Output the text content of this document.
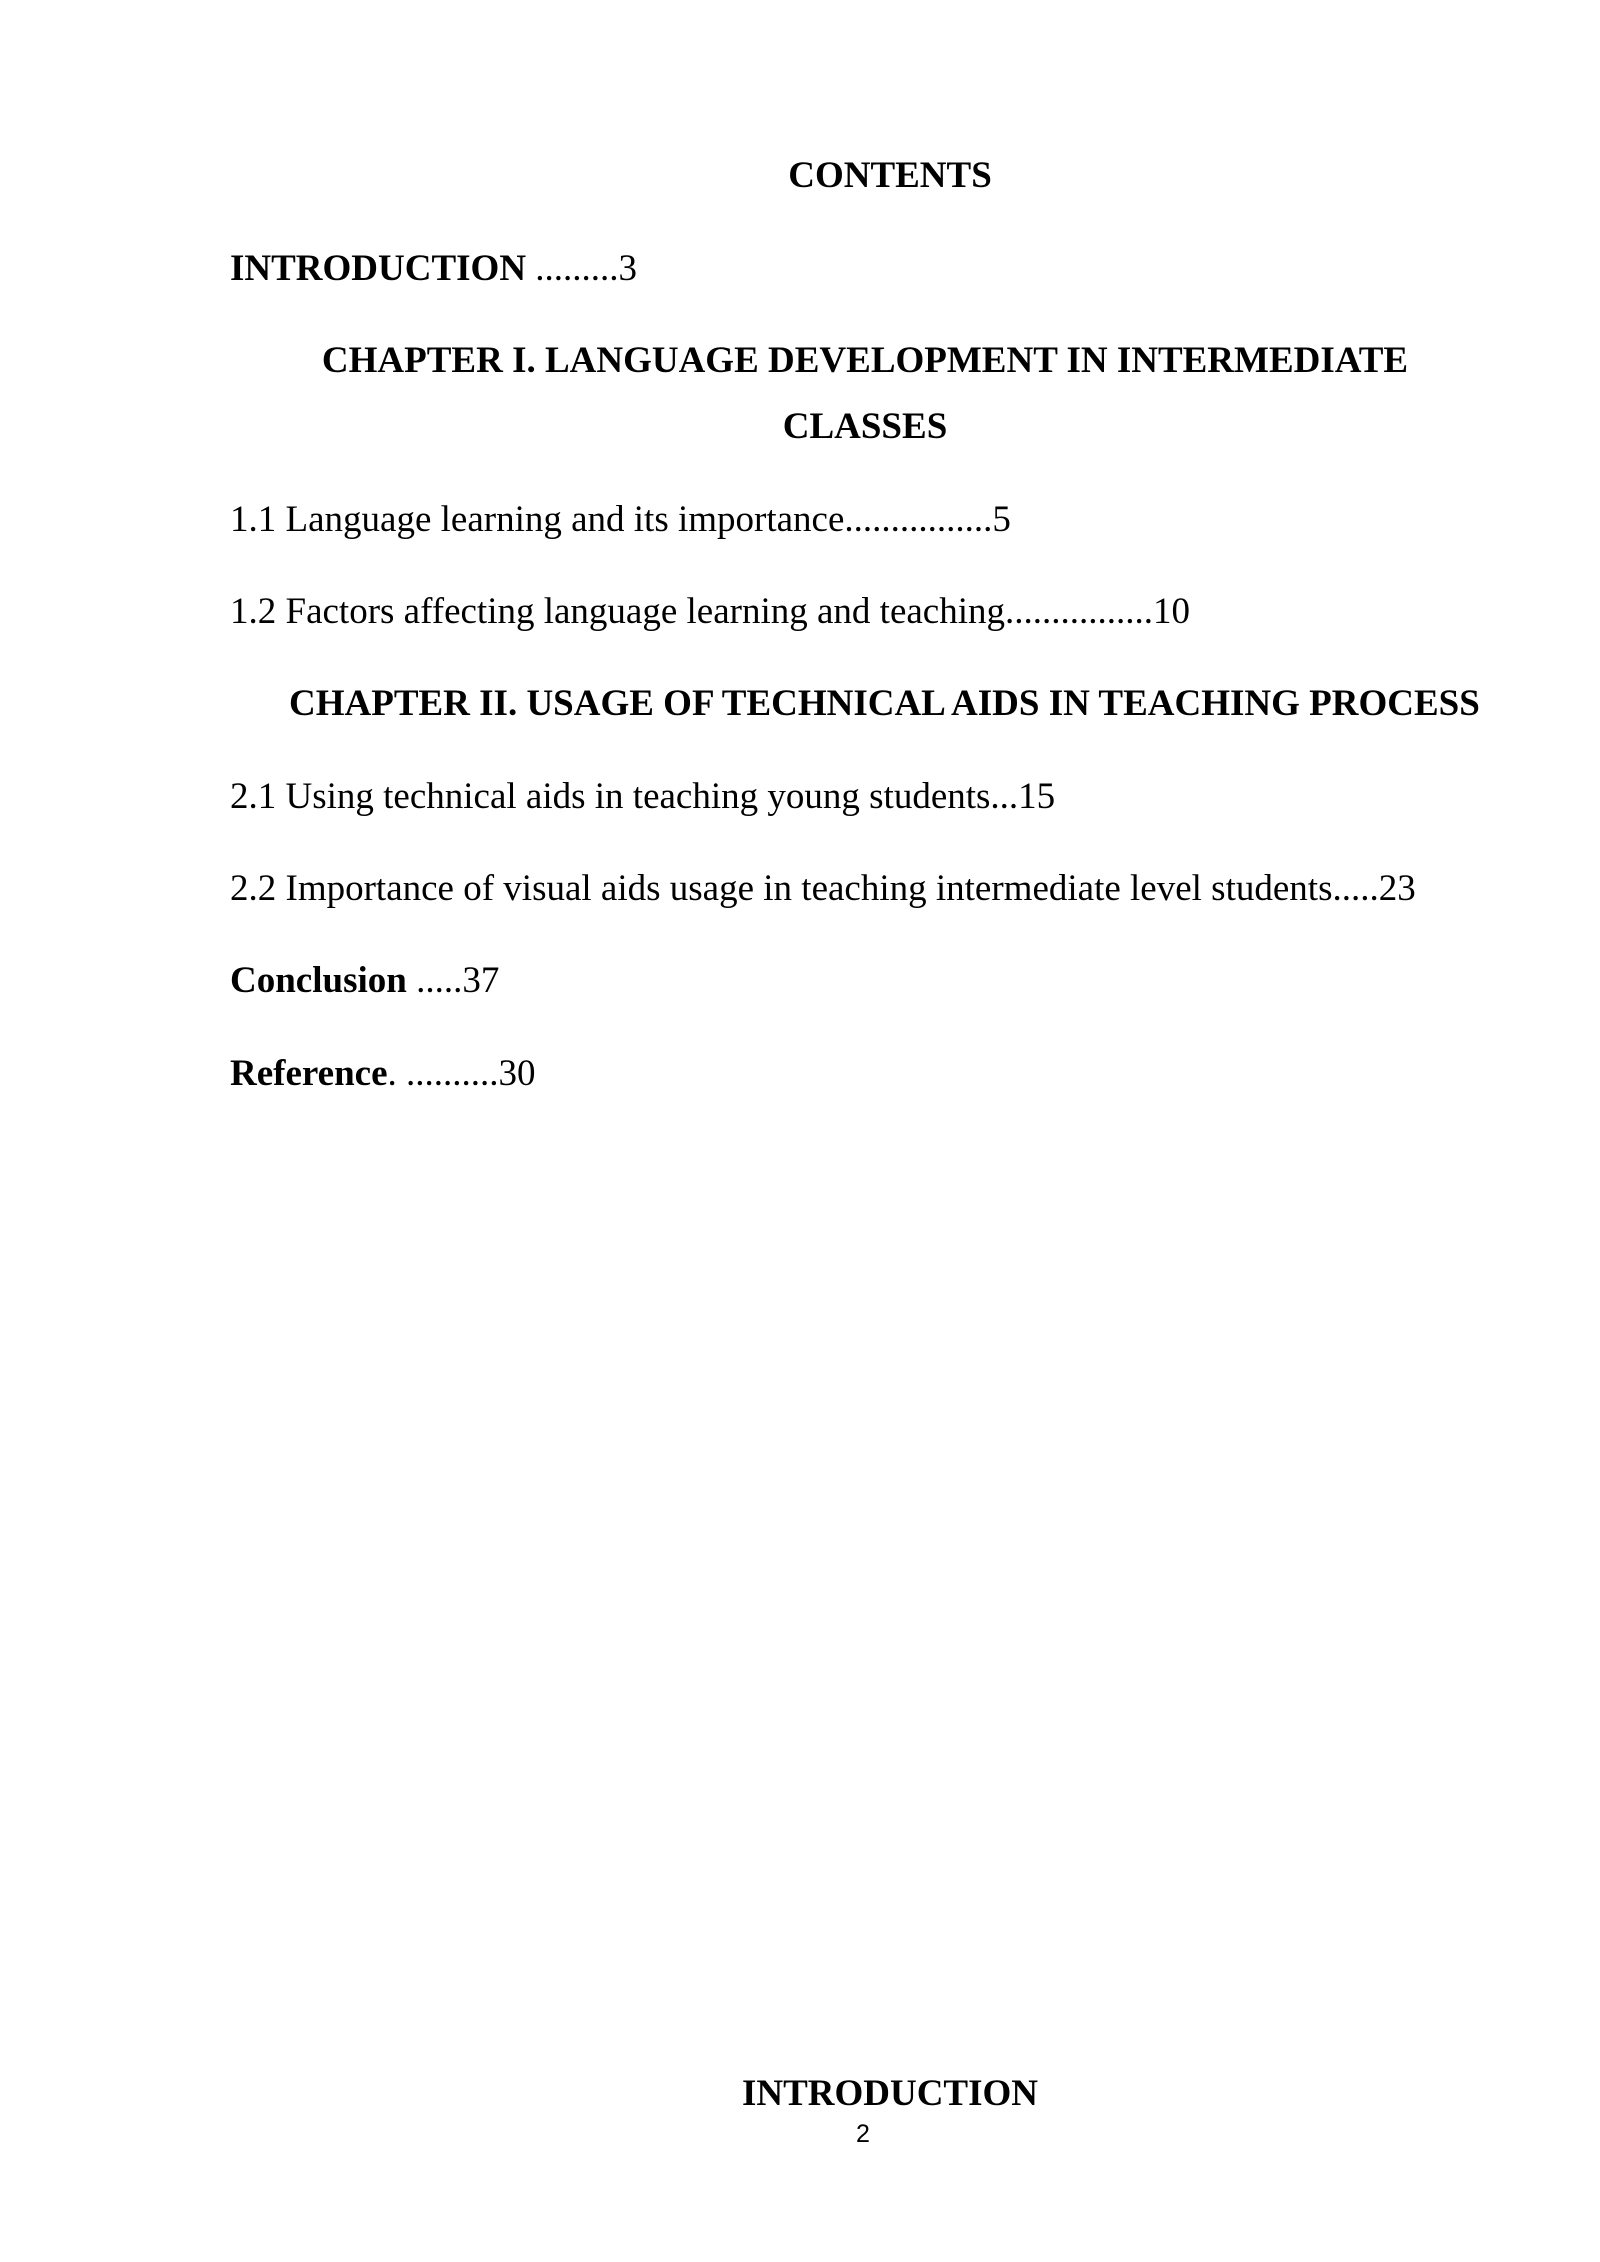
CONTENTS
INTRODUCTION .........3
CHAPTER I. LANGUAGE DEVELOPMENT IN INTERMEDIATE
CLASSES
1.1 Language learning and its importance................5
1.2 Factors affecting language learning and teaching................10
CHAPTER II. USAGE OF TECHNICAL AIDS IN TEACHING PROCESS
2.1 Using technical aids in teaching young students...15
2.2 Importance of visual aids usage in teaching intermediate level students.....23
Conclusion .....37
Reference. ..........30
INTRODUCTION
2
